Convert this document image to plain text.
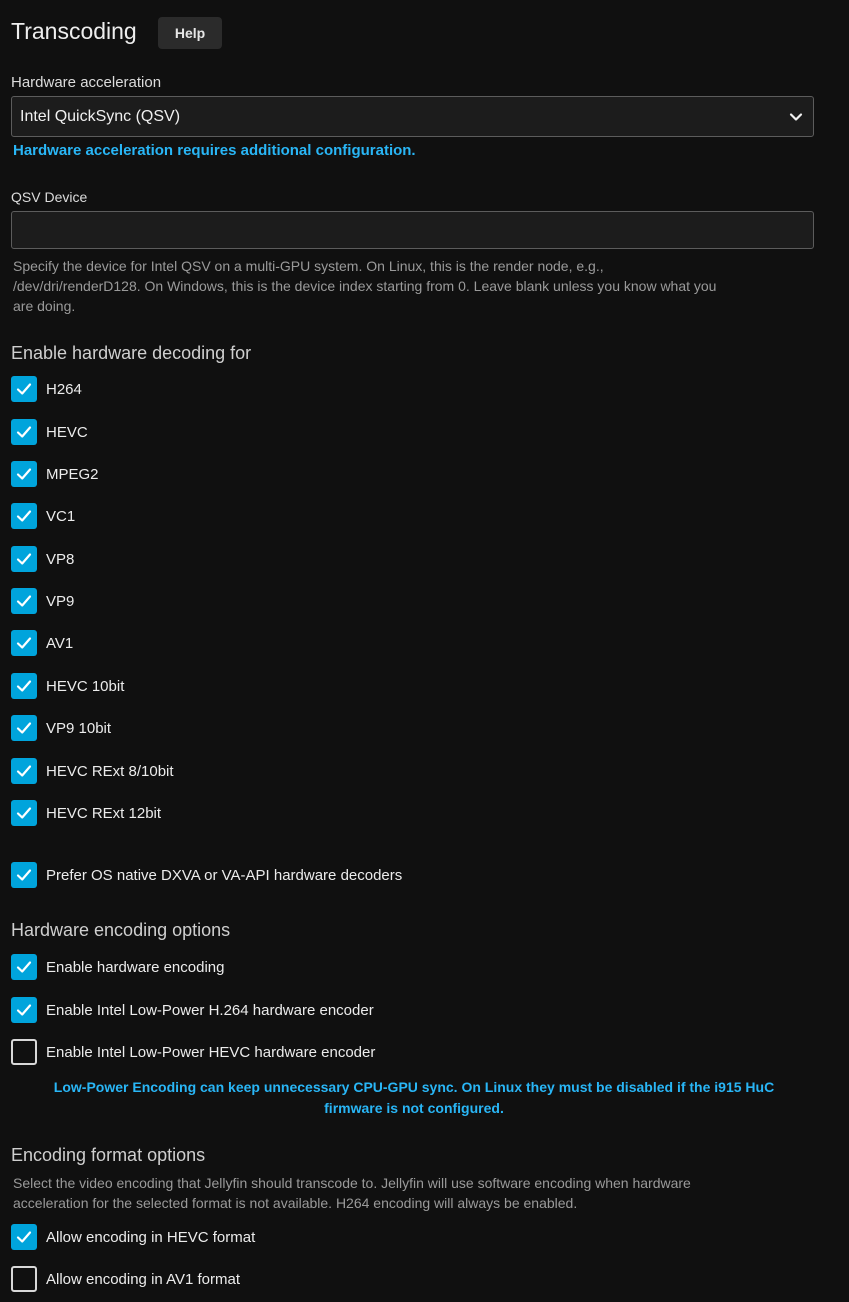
Transcoding	Help
Hardware acceleration
Intel QuickSync (QSV)
Hardware acceleration requires additional configuration.
QSV Device
Specify the device for Intel QSV on a multi-GPU system. On Linux, this is the render node, e.g.,
/dev/dri/renderD128. On Windows, this is the device index starting from 0. Leave blank unless you know what you
are doing.
Enable hardware decoding for
H264
HEVC
MPEG2
VC1
VP8
VP9
AV1
HEVC 10bit
VP9 10bit
HEVC RExt 8/10bit
HEVC RExt 12bit
Prefer OS native DXVA or VA-API hardware decoders
Hardware encoding options
Enable hardware encoding
Enable Intel Low-Power H.264 hardware encoder
Enable Intel Low-Power HEVC hardware encoder
Low-Power Encoding can keep unnecessary CPU-GPU sync. On Linux they must be disabled if the i915 HuC
firmware is not configured.
Encoding format options
Select the video encoding that Jellyfin should transcode to. Jellyfin will use software encoding when hardware
acceleration for the selected format is not available. H264 encoding will always be enabled.
Allow encoding in HEVC format
Allow encoding in AV1 format
